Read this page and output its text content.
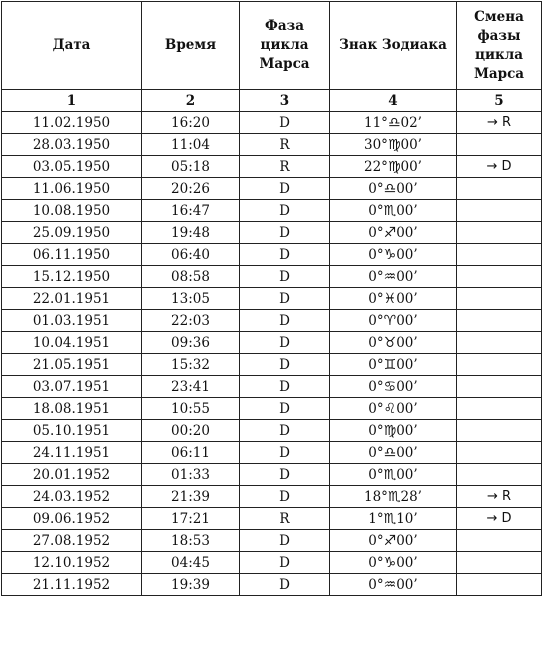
Дата	Время	Фаза цикла Марса	Знак Зодиака	Смена фазы цикла Марса
1	2	3	4	5
11.02.1950	16:20	D	11°♎02’	→ R
28.03.1950	11:04	R	30°♍00’	
03.05.1950	05:18	R	22°♍00’	→ D
11.06.1950	20:26	D	0°♎00’	
10.08.1950	16:47	D	0°♏00’	
25.09.1950	19:48	D	0°♐00’	
06.11.1950	06:40	D	0°♑00’	
15.12.1950	08:58	D	0°♒00’	
22.01.1951	13:05	D	0°♓00’	
01.03.1951	22:03	D	0°♈00’	
10.04.1951	09:36	D	0°♉00’	
21.05.1951	15:32	D	0°♊00’	
03.07.1951	23:41	D	0°♋00’	
18.08.1951	10:55	D	0°♌00’	
05.10.1951	00:20	D	0°♍00’	
24.11.1951	06:11	D	0°♎00’	
20.01.1952	01:33	D	0°♏00’	
24.03.1952	21:39	D	18°♏28’	→ R
09.06.1952	17:21	R	1°♏10’	→ D
27.08.1952	18:53	D	0°♐00’	
12.10.1952	04:45	D	0°♑00’	
21.11.1952	19:39	D	0°♒00’	
